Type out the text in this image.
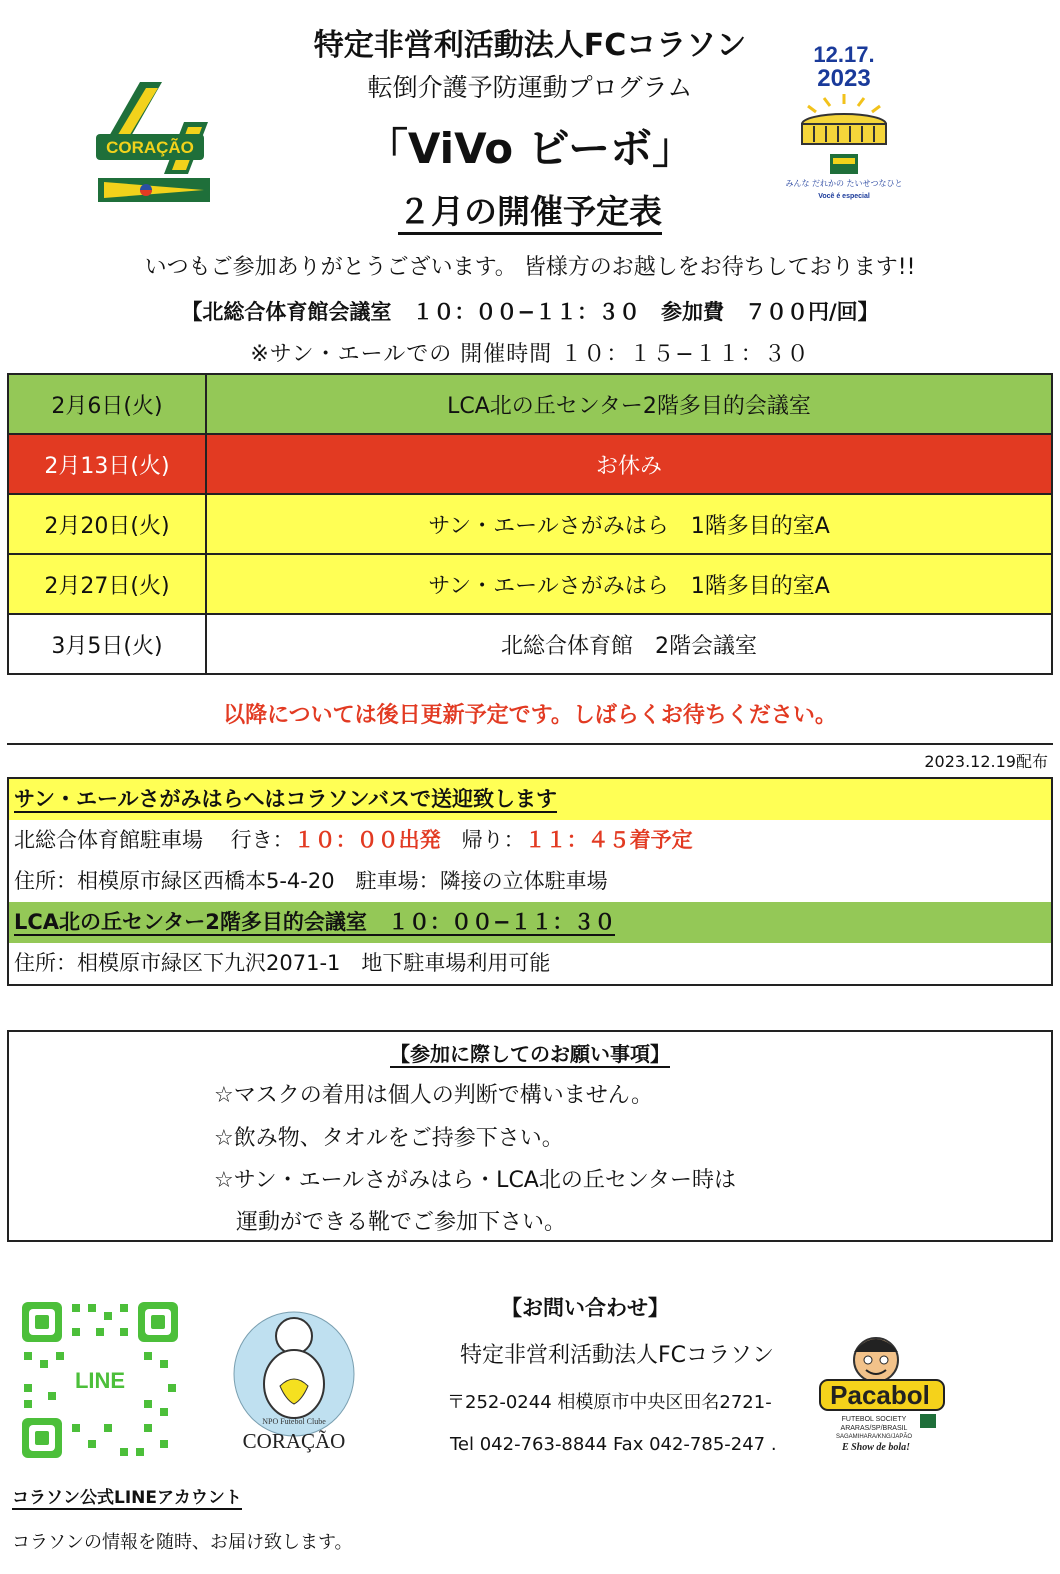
特定非営利活動法人FCコラソン
転倒介護予防運動プログラム
「ViVo ビーボ」
２月の開催予定表
いつもご参加ありがとうございます。 皆様方のお越しをお待ちしております!!
【北総合体育館会議室　１０：００−１１：３０　参加費　７００円/回】
※サン・エールでの 開催時間 １０：１５−１１：３０
CORAÇÃO
12.17.
2023
みんな だれかの たいせつなひと
Você é especial
2月6日(火)	LCA北の丘センター2階多目的会議室
2月13日(火)	お休み
2月20日(火)	サン・エールさがみはら　1階多目的室A
2月27日(火)	サン・エールさがみはら　1階多目的室A
3月5日(火)	北総合体育館　2階会議室
以降については後日更新予定です。しばらくお待ちください。
2023.12.19配布
サン・エールさがみはらへはコラソンバスで送迎致します
北総合体育館駐車場　 行き：１０：００出発　帰り：１１：４５着予定
住所：相模原市緑区西橋本5-4-20　駐車場：隣接の立体駐車場
LCA北の丘センター2階多目的会議室　１０：００−１１：３０
住所：相模原市緑区下九沢2071-1　地下駐車場利用可能
【参加に際してのお願い事項】
☆マスクの着用は個人の判断で構いません。
☆飲み物、タオルをご持参下さい。
☆サン・エールさがみはら・LCA北の丘センター時は
　運動ができる靴でご参加下さい。
LINE
NPO Futebol Clube
CORAÇÃO
【お問い合わせ】
特定非営利活動法人FCコラソン
〒252-0244 相模原市中央区田名2721-
Tel 042-763-8844 Fax 042-785-247 .
Pacabol
FUTEBOL SOCIETY
ARARAS/SP/BRASIL
SAGAMIHARA/KNG/JAPÃO
E Show de bola!
コラソン公式LINEアカウント
コラソンの情報を随時、お届け致します。
